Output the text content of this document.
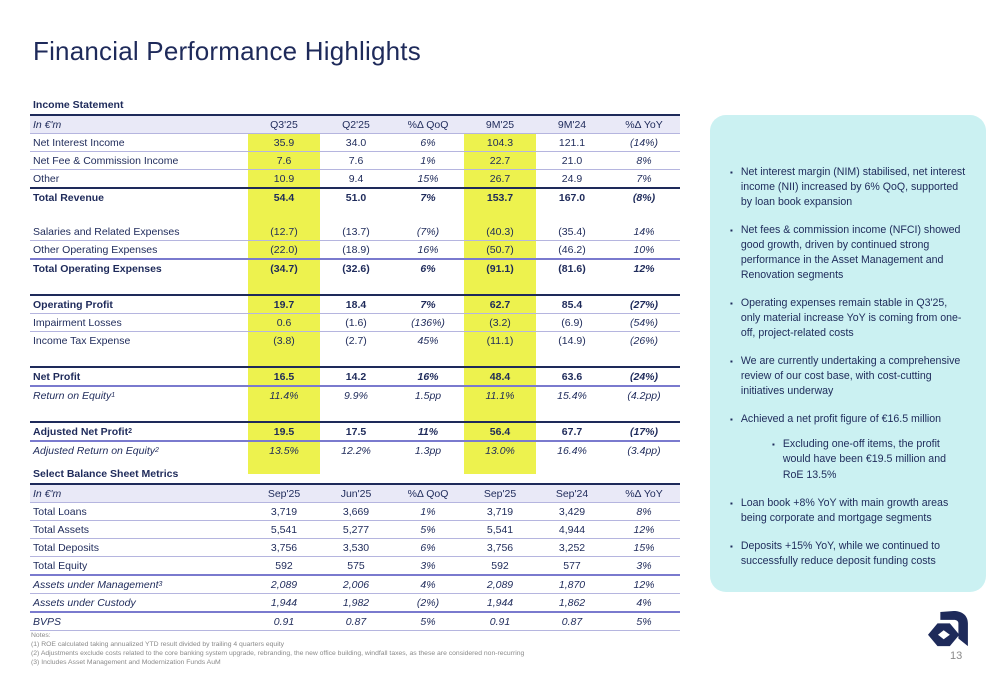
Financial Performance Highlights
Income Statement
In €'m	Q3'25	Q2'25	%Δ QoQ	9M'25	9M'24	%Δ YoY
Net Interest Income	35.9	34.0	6%	104.3	121.1	(14%)
Net Fee & Commission Income	7.6	7.6	1%	22.7	21.0	8%
Other	10.9	9.4	15%	26.7	24.9	7%
Total Revenue	54.4	51.0	7%	153.7	167.0	(8%)
Salaries and Related Expenses	(12.7)	(13.7)	(7%)	(40.3)	(35.4)	14%
Other Operating Expenses	(22.0)	(18.9)	16%	(50.7)	(46.2)	10%
Total Operating Expenses	(34.7)	(32.6)	6%	(91.1)	(81.6)	12%
Operating Profit	19.7	18.4	7%	62.7	85.4	(27%)
Impairment Losses	0.6	(1.6)	(136%)	(3.2)	(6.9)	(54%)
Income Tax Expense	(3.8)	(2.7)	45%	(11.1)	(14.9)	(26%)
Net Profit	16.5	14.2	16%	48.4	63.6	(24%)
Return on Equity 1	11.4%	9.9%	1.5pp	11.1%	15.4%	(4.2pp)
Adjusted Net Profit 2	19.5	17.5	11%	56.4	67.7	(17%)
Adjusted Return on Equity 2	13.5%	12.2%	1.3pp	13.0%	16.4%	(3.4pp)
Select Balance Sheet Metrics
In €'m	Sep'25	Jun'25	%Δ QoQ	Sep'25	Sep'24	%Δ YoY
Total Loans	3,719	3,669	1%	3,719	3,429	8%
Total Assets	5,541	5,277	5%	5,541	4,944	12%
Total Deposits	3,756	3,530	6%	3,756	3,252	15%
Total Equity	592	575	3%	592	577	3%
Assets under Management 3	2,089	2,006	4%	2,089	1,870	12%
Assets under Custody	1,944	1,982	(2%)	1,944	1,862	4%
BVPS	0.91	0.87	5%	0.91	0.87	5%
▪ Net interest margin (NIM) stabilised, net interest income (NII) increased by 6% QoQ, supported by loan book expansion
▪ Net fees & commission income (NFCI) showed good growth, driven by continued strong performance in the Asset Management and Renovation segments
▪ Operating expenses remain stable in Q3'25, only material increase YoY is coming from one-off, project-related costs
▪ We are currently undertaking a comprehensive review of our cost base, with cost-cutting initiatives underway
▪ Achieved a net profit figure of €16.5 million
▪ Excluding one-off items, the profit would have been €19.5 million and RoE 13.5%
▪ Loan book +8% YoY with main growth areas being corporate and mortgage segments
▪ Deposits +15% YoY, while we continued to successfully reduce deposit funding costs
Notes:
(1) ROE calculated taking annualized YTD result divided by trailing 4 quarters equity
(2) Adjustments exclude costs related to the core banking system upgrade, rebranding, the new office building, windfall taxes, as these are considered non-recurring
(3) Includes Asset Management and Modernization Funds AuM
13
